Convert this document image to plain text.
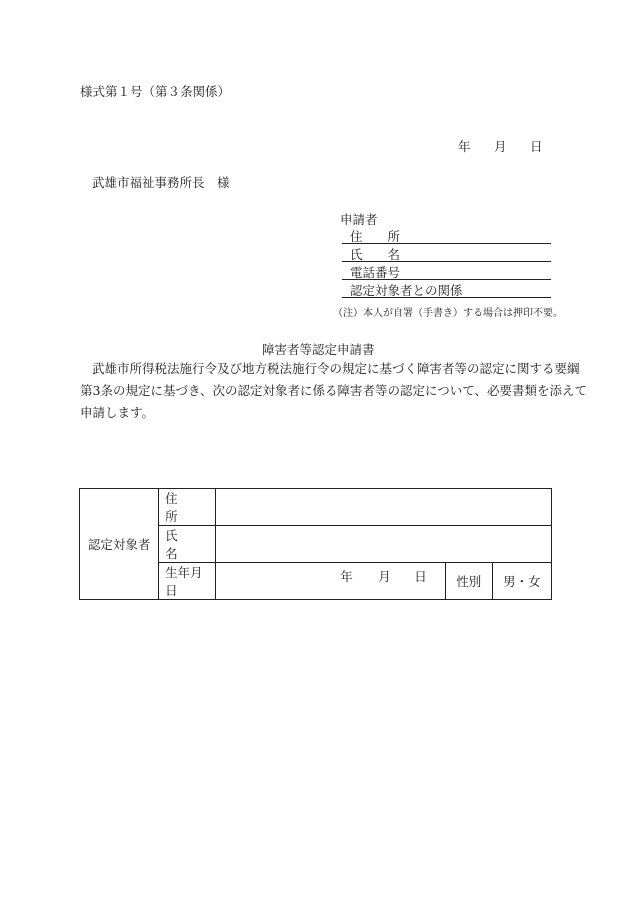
様式第１号（第３条関係）
年 月 日
武雄市福祉事務所長　様
申請者
住　　所
氏　　名
電話番号
認定対象者との関係
（注）本人が自署（手書き）する場合は押印不要。
障害者等認定申請書
武雄市所得税法施行令及び地方税法施行令の規定に基づく障害者等の認定に関する要綱
第3条の規定に基づき、次の認定対象者に係る障害者等の認定について、必要書類を添えて
申請します。
認定対象者	住　　所			
	氏　　名			
	生年月日	年 月 日	性別	男・女
